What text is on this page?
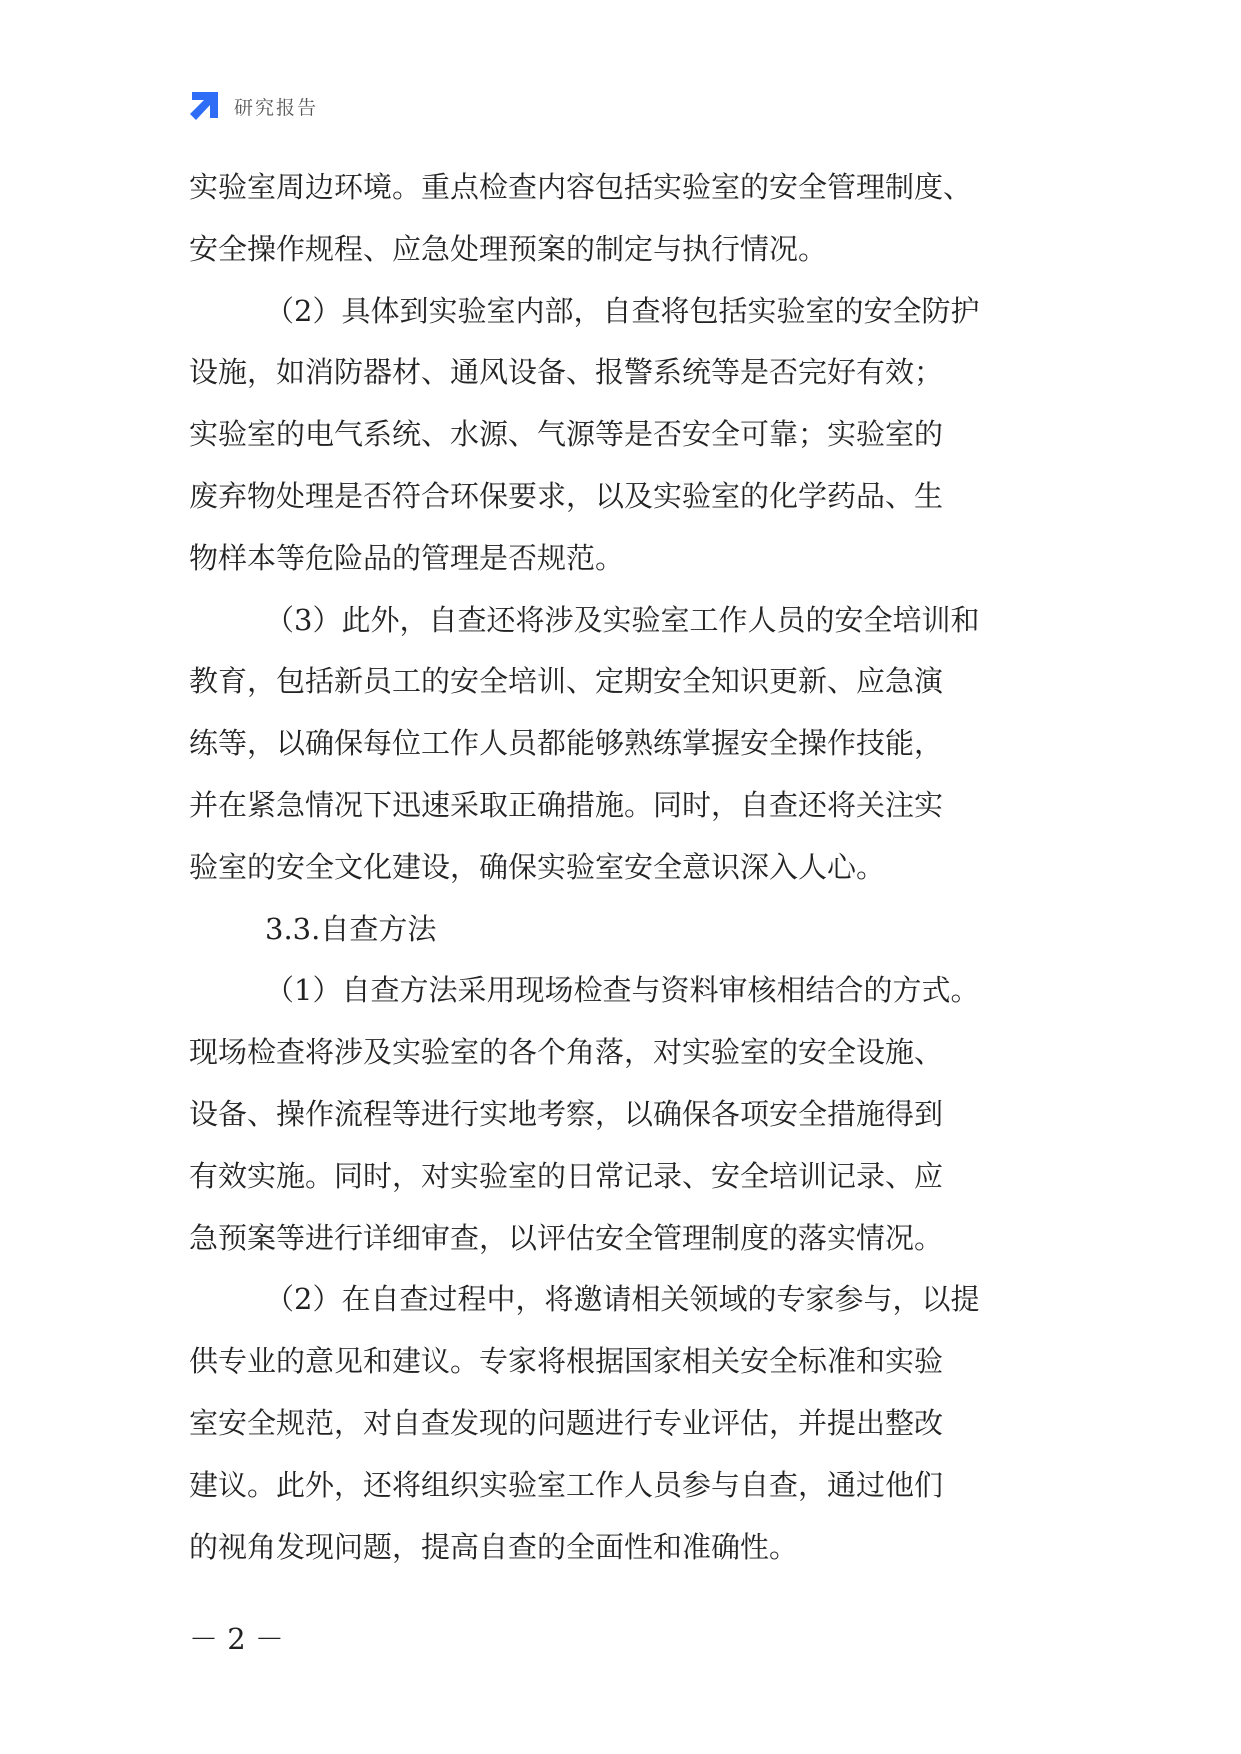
研究报告

实验室周边环境。重点检查内容包括实验室的安全管理制度、

安全操作规程、应急处理预案的制定与执行情况。

（2）具体到实验室内部，自查将包括实验室的安全防护

设施，如消防器材、通风设备、报警系统等是否完好有效；

实验室的电气系统、水源、气源等是否安全可靠；实验室的

废弃物处理是否符合环保要求，以及实验室的化学药品、生

物样本等危险品的管理是否规范。

（3）此外，自查还将涉及实验室工作人员的安全培训和

教育，包括新员工的安全培训、定期安全知识更新、应急演

练等，以确保每位工作人员都能够熟练掌握安全操作技能，

并在紧急情况下迅速采取正确措施。同时，自查还将关注实

验室的安全文化建设，确保实验室安全意识深入人心。

3.3.自查方法

（1）自查方法采用现场检查与资料审核相结合的方式。

现场检查将涉及实验室的各个角落，对实验室的安全设施、

设备、操作流程等进行实地考察，以确保各项安全措施得到

有效实施。同时，对实验室的日常记录、安全培训记录、应

急预案等进行详细审查，以评估安全管理制度的落实情况。

（2）在自查过程中，将邀请相关领域的专家参与，以提

供专业的意见和建议。专家将根据国家相关安全标准和实验

室安全规范，对自查发现的问题进行专业评估，并提出整改

建议。此外，还将组织实验室工作人员参与自查，通过他们

的视角发现问题，提高自查的全面性和准确性。

－ 2 －
